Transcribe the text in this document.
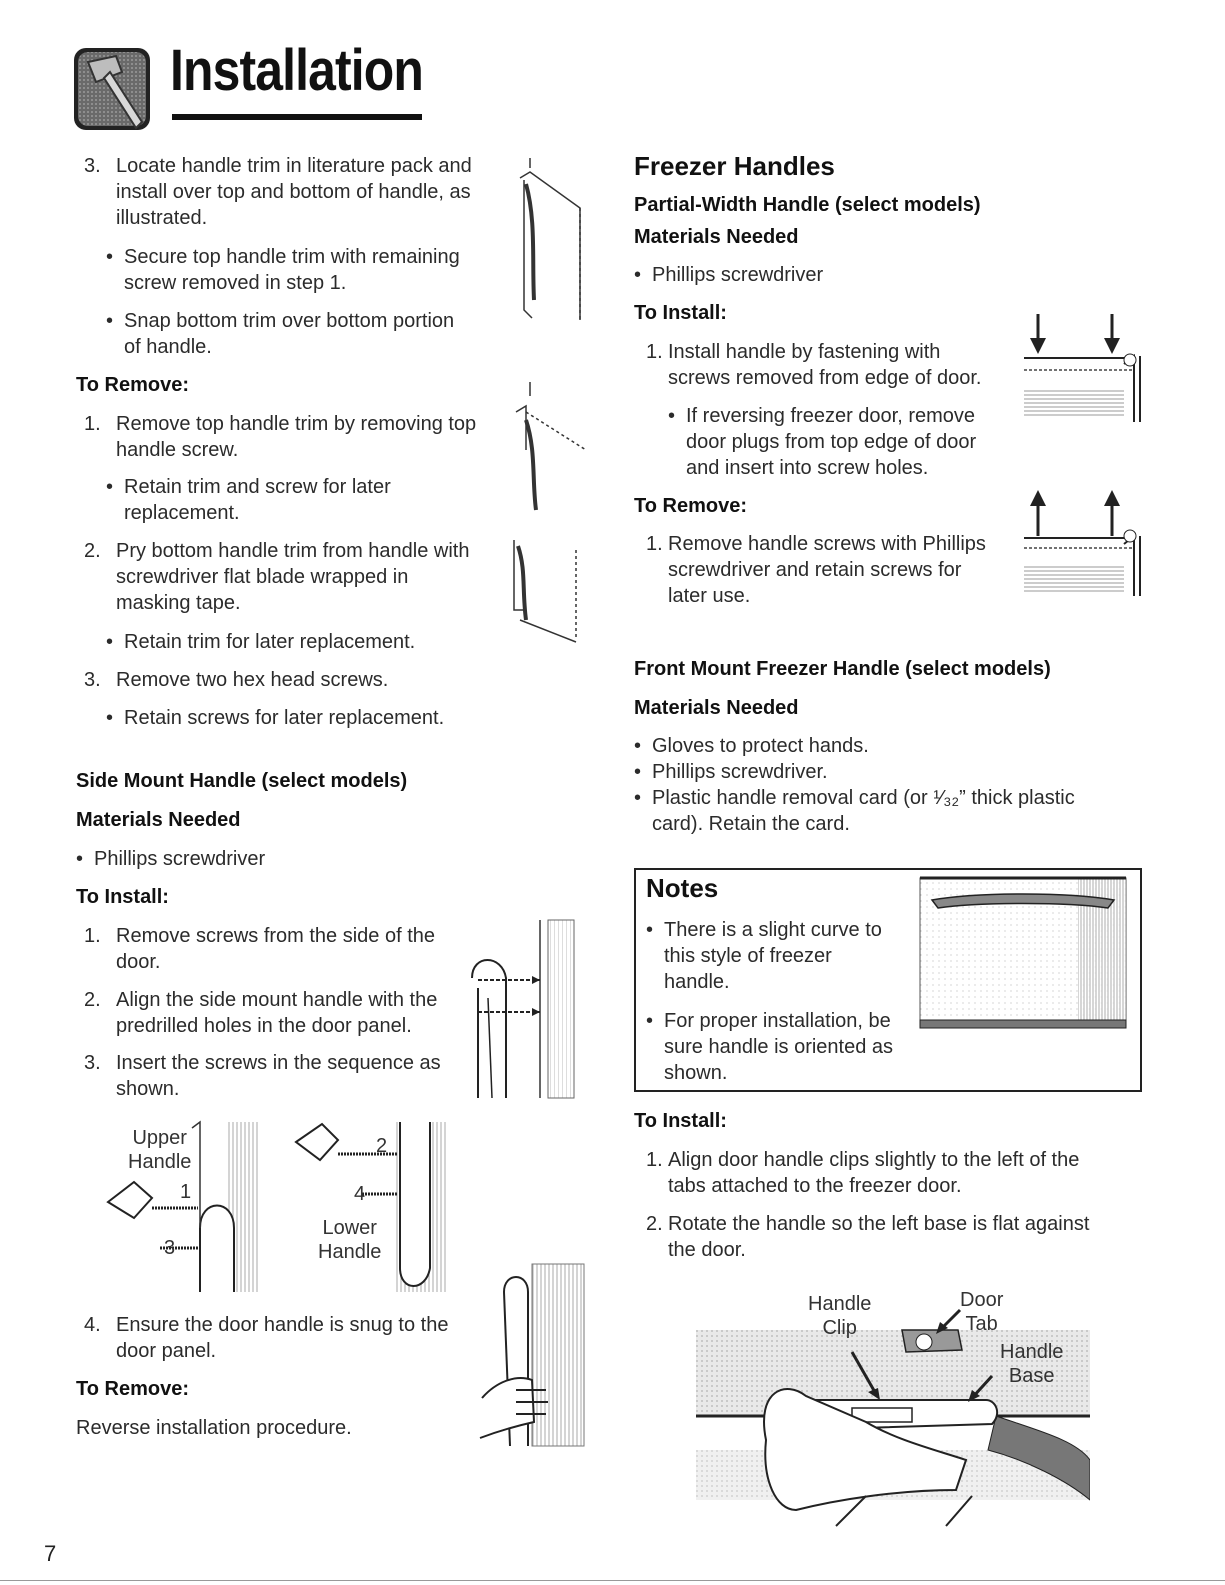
Installation
3. Locate handle trim in literature pack and
install over top and bottom of handle, as
illustrated.
• Secure top handle trim with remaining
screw removed in step 1.
• Snap bottom trim over bottom portion
of handle.
To Remove:
1. Remove top handle trim by removing top
handle screw.
• Retain trim and screw for later
replacement.
2. Pry bottom handle trim from handle with
screwdriver flat blade wrapped in
masking tape.
• Retain trim for later replacement.
3. Remove two hex head screws.
• Retain screws for later replacement.
Side Mount Handle (select models)
Materials Needed
• Phillips screwdriver
To Install:
1. Remove screws from the side of the
door.
2. Align the side mount handle with the
predrilled holes in the door panel.
3. Insert the screws in the sequence as
shown.
Upper
Handle
Lower
Handle
1
3
2
4
4. Ensure the door handle is snug to the
door panel.
To Remove:
Reverse installation procedure.
7
Freezer Handles
Partial-Width Handle (select models)
Materials Needed
• Phillips screwdriver
To Install:
1. Install handle by fastening with
screws removed from edge of door.
• If reversing freezer door, remove
door plugs from top edge of door
and insert into screw holes.
To Remove:
1. Remove handle screws with Phillips
screwdriver and retain screws for
later use.
Front Mount Freezer Handle (select models)
Materials Needed
• Gloves to protect hands.
• Phillips screwdriver.
• Plastic handle removal card (or ¹⁄₃₂” thick plastic
card). Retain the card.
Notes
• There is a slight curve to
this style of freezer
handle.
• For proper installation, be
sure handle is oriented as
shown.
To Install:
1. Align door handle clips slightly to the left of the
tabs attached to the freezer door.
2. Rotate the handle so the left base is flat against
the door.
Handle
Clip
Door
Tab
Handle
Base
